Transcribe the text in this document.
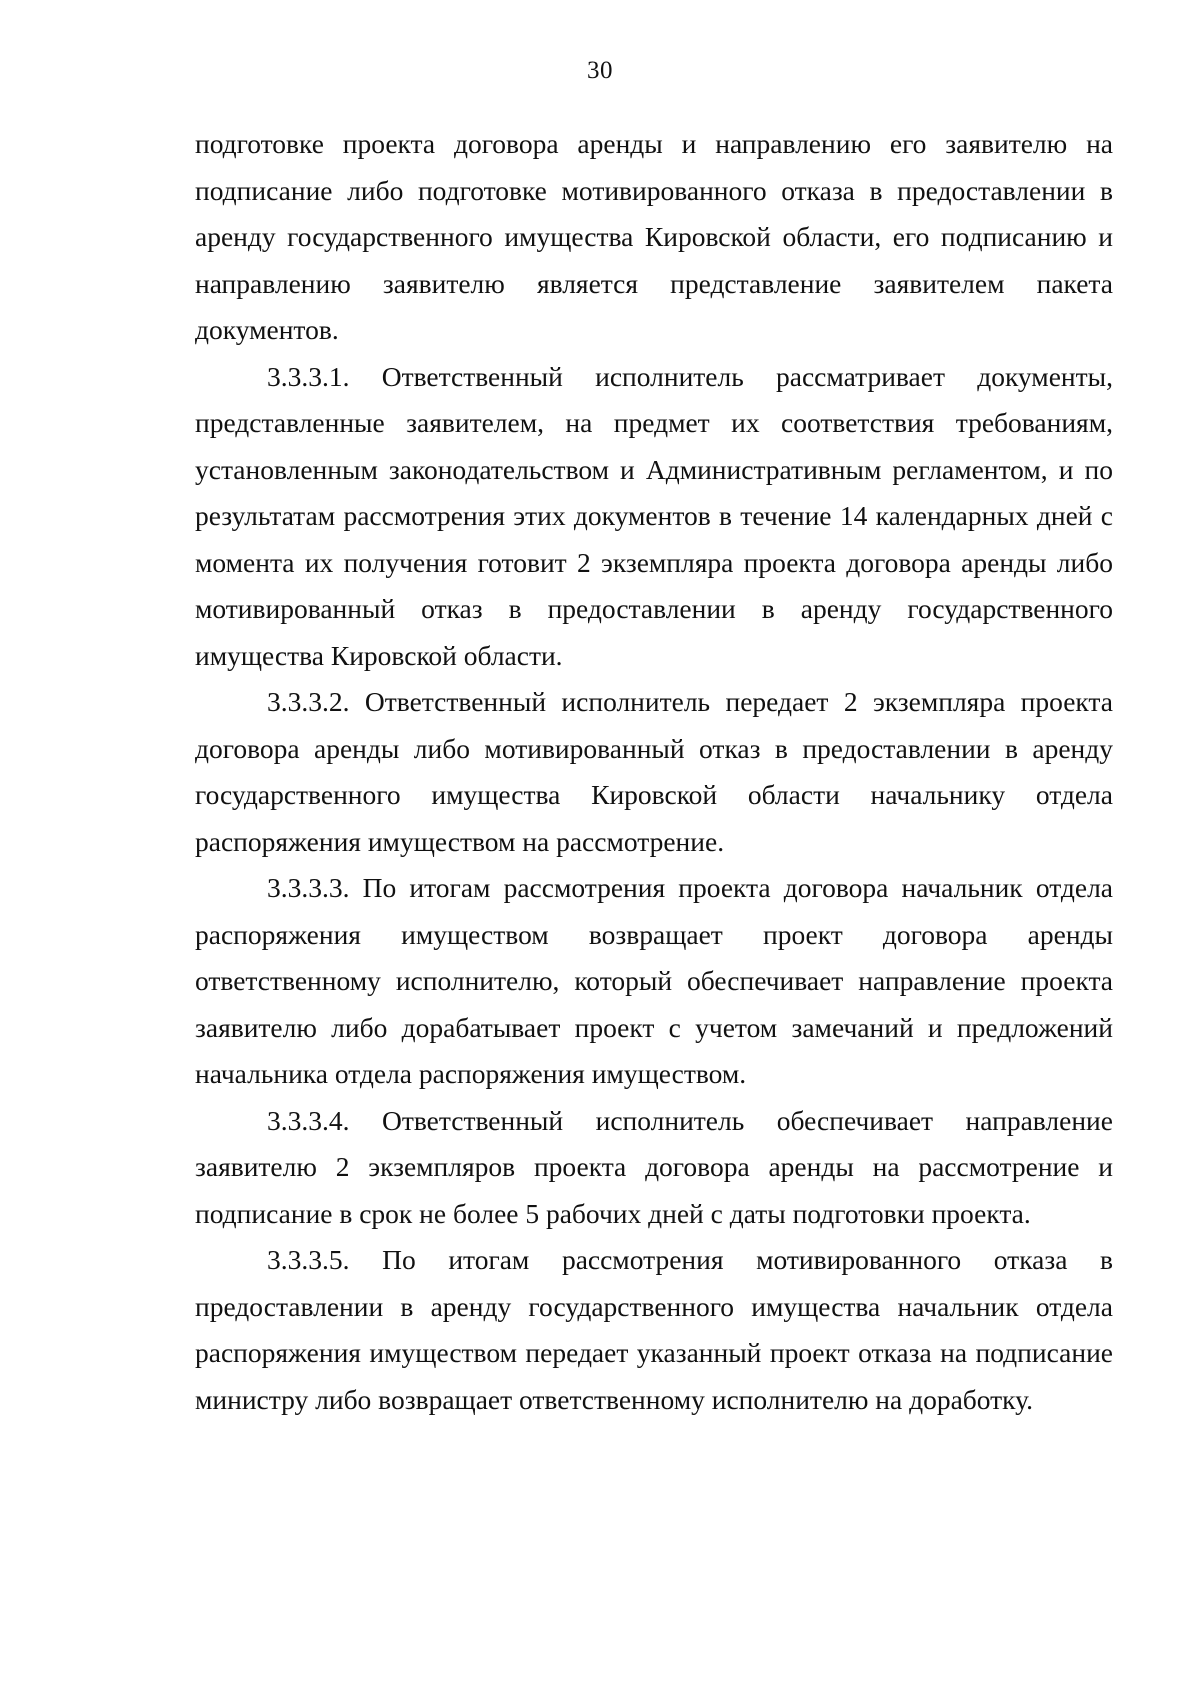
30

подготовке проекта договора аренды и направлению его заявителю на подписание либо подготовке мотивированного отказа в предоставлении в аренду государственного имущества Кировской области, его подписанию и направлению заявителю является представление заявителем пакета документов.

3.3.3.1. Ответственный исполнитель рассматривает документы, представленные заявителем, на предмет их соответствия требованиям, установленным законодательством и Административным регламентом, и по результатам рассмотрения этих документов в течение 14 календарных дней с момента их получения готовит 2 экземпляра проекта договора аренды либо мотивированный отказ в предоставлении в аренду государственного имущества Кировской области.

3.3.3.2. Ответственный исполнитель передает 2 экземпляра проекта договора аренды либо мотивированный отказ в предоставлении в аренду государственного имущества Кировской области начальнику отдела распоряжения имуществом на рассмотрение.

3.3.3.3. По итогам рассмотрения проекта договора начальник отдела распоряжения имуществом возвращает проект договора аренды ответственному исполнителю, который обеспечивает направление проекта заявителю либо дорабатывает проект с учетом замечаний и предложений начальника отдела распоряжения имуществом.

3.3.3.4. Ответственный исполнитель обеспечивает направление заявителю 2 экземпляров проекта договора аренды на рассмотрение и подписание в срок не более 5 рабочих дней с даты подготовки проекта.

3.3.3.5. По итогам рассмотрения мотивированного отказа в предоставлении в аренду государственного имущества начальник отдела распоряжения имуществом передает указанный проект отказа на подписание министру либо возвращает ответственному исполнителю на доработку.
